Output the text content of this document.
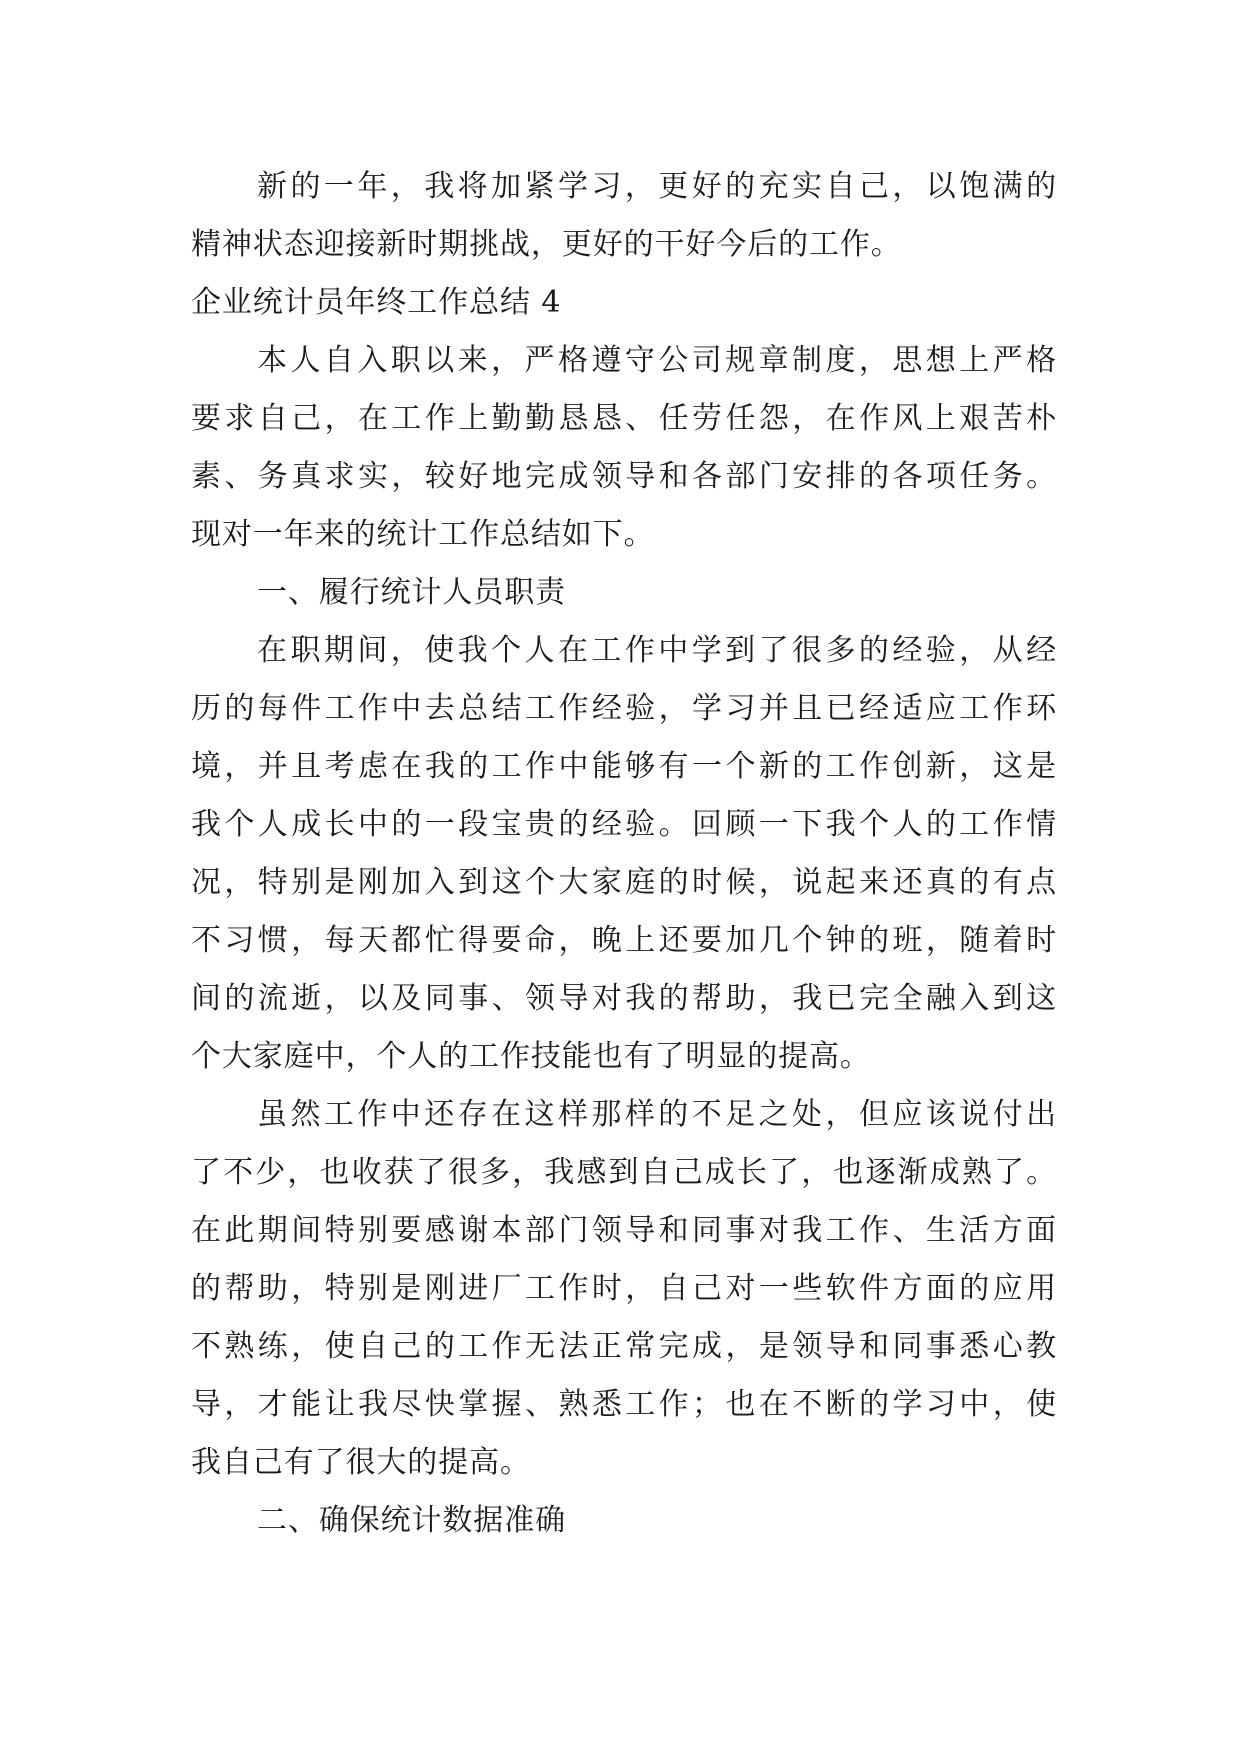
新的一年，我将加紧学习，更好的充实自己，以饱满的
精神状态迎接新时期挑战，更好的干好今后的工作。
企业统计员年终工作总结 4
本人自入职以来，严格遵守公司规章制度，思想上严格
要求自己，在工作上勤勤恳恳、任劳任怨，在作风上艰苦朴
素、务真求实，较好地完成领导和各部门安排的各项任务。
现对一年来的统计工作总结如下。
一、履行统计人员职责
在职期间，使我个人在工作中学到了很多的经验，从经
历的每件工作中去总结工作经验，学习并且已经适应工作环
境，并且考虑在我的工作中能够有一个新的工作创新，这是
我个人成长中的一段宝贵的经验。回顾一下我个人的工作情
况，特别是刚加入到这个大家庭的时候，说起来还真的有点
不习惯，每天都忙得要命，晚上还要加几个钟的班，随着时
间的流逝，以及同事、领导对我的帮助，我已完全融入到这
个大家庭中，个人的工作技能也有了明显的提高。
虽然工作中还存在这样那样的不足之处，但应该说付出
了不少，也收获了很多，我感到自己成长了，也逐渐成熟了。
在此期间特别要感谢本部门领导和同事对我工作、生活方面
的帮助，特别是刚进厂工作时，自己对一些软件方面的应用
不熟练，使自己的工作无法正常完成，是领导和同事悉心教
导，才能让我尽快掌握、熟悉工作；也在不断的学习中，使
我自己有了很大的提高。
二、确保统计数据准确
